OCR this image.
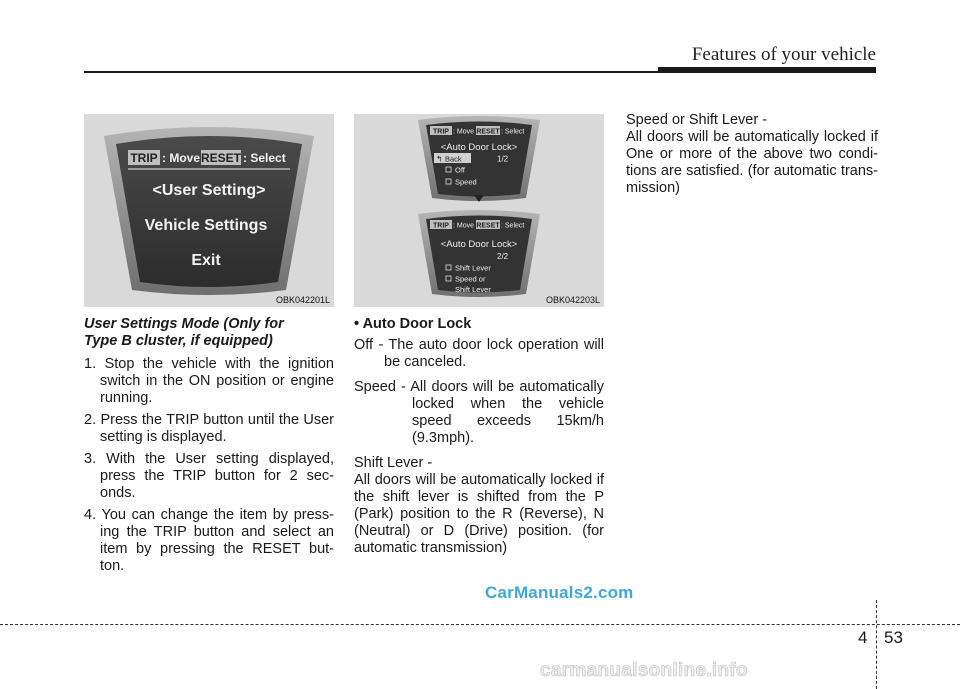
Features of your vehicle
TRIP : Move RESET : Select
<User Setting>
Vehicle Settings
Exit
OBK042201L
TRIP : Move RESET : Select
<Auto Door Lock>
↰ Back	1/2
Off
Speed
TRIP : Move RESET : Select
<Auto Door Lock>
2/2
Shift Lever
Speed or
Shift Lever
OBK042203L

User Settings Mode (Only for
Type B cluster, if equipped)

1. Stop the vehicle with the ignition switch in the ON position or engine running.

2. Press the TRIP button until the User setting is displayed.

3. With the User setting displayed, press the TRIP button for 2 sec-onds.

4. You can change the item by press-ing the TRIP button and select an item by pressing the RESET but-ton.

• Auto Door Lock

Off - The auto door lock operation will be canceled.

Speed - All doors will be automatically locked when the vehicle speed exceeds 15km/h (9.3mph).

Shift Lever -

All doors will be automatically locked if the shift lever is shifted from the P (Park) position to the R (Reverse), N (Neutral) or D (Drive) position. (for automatic transmission)

Speed or Shift Lever -

All doors will be automatically locked if One or more of the above two condi-tions are satisfied. (for automatic trans-mission)

CarManuals2.com
4 53
carmanualsonline.info
